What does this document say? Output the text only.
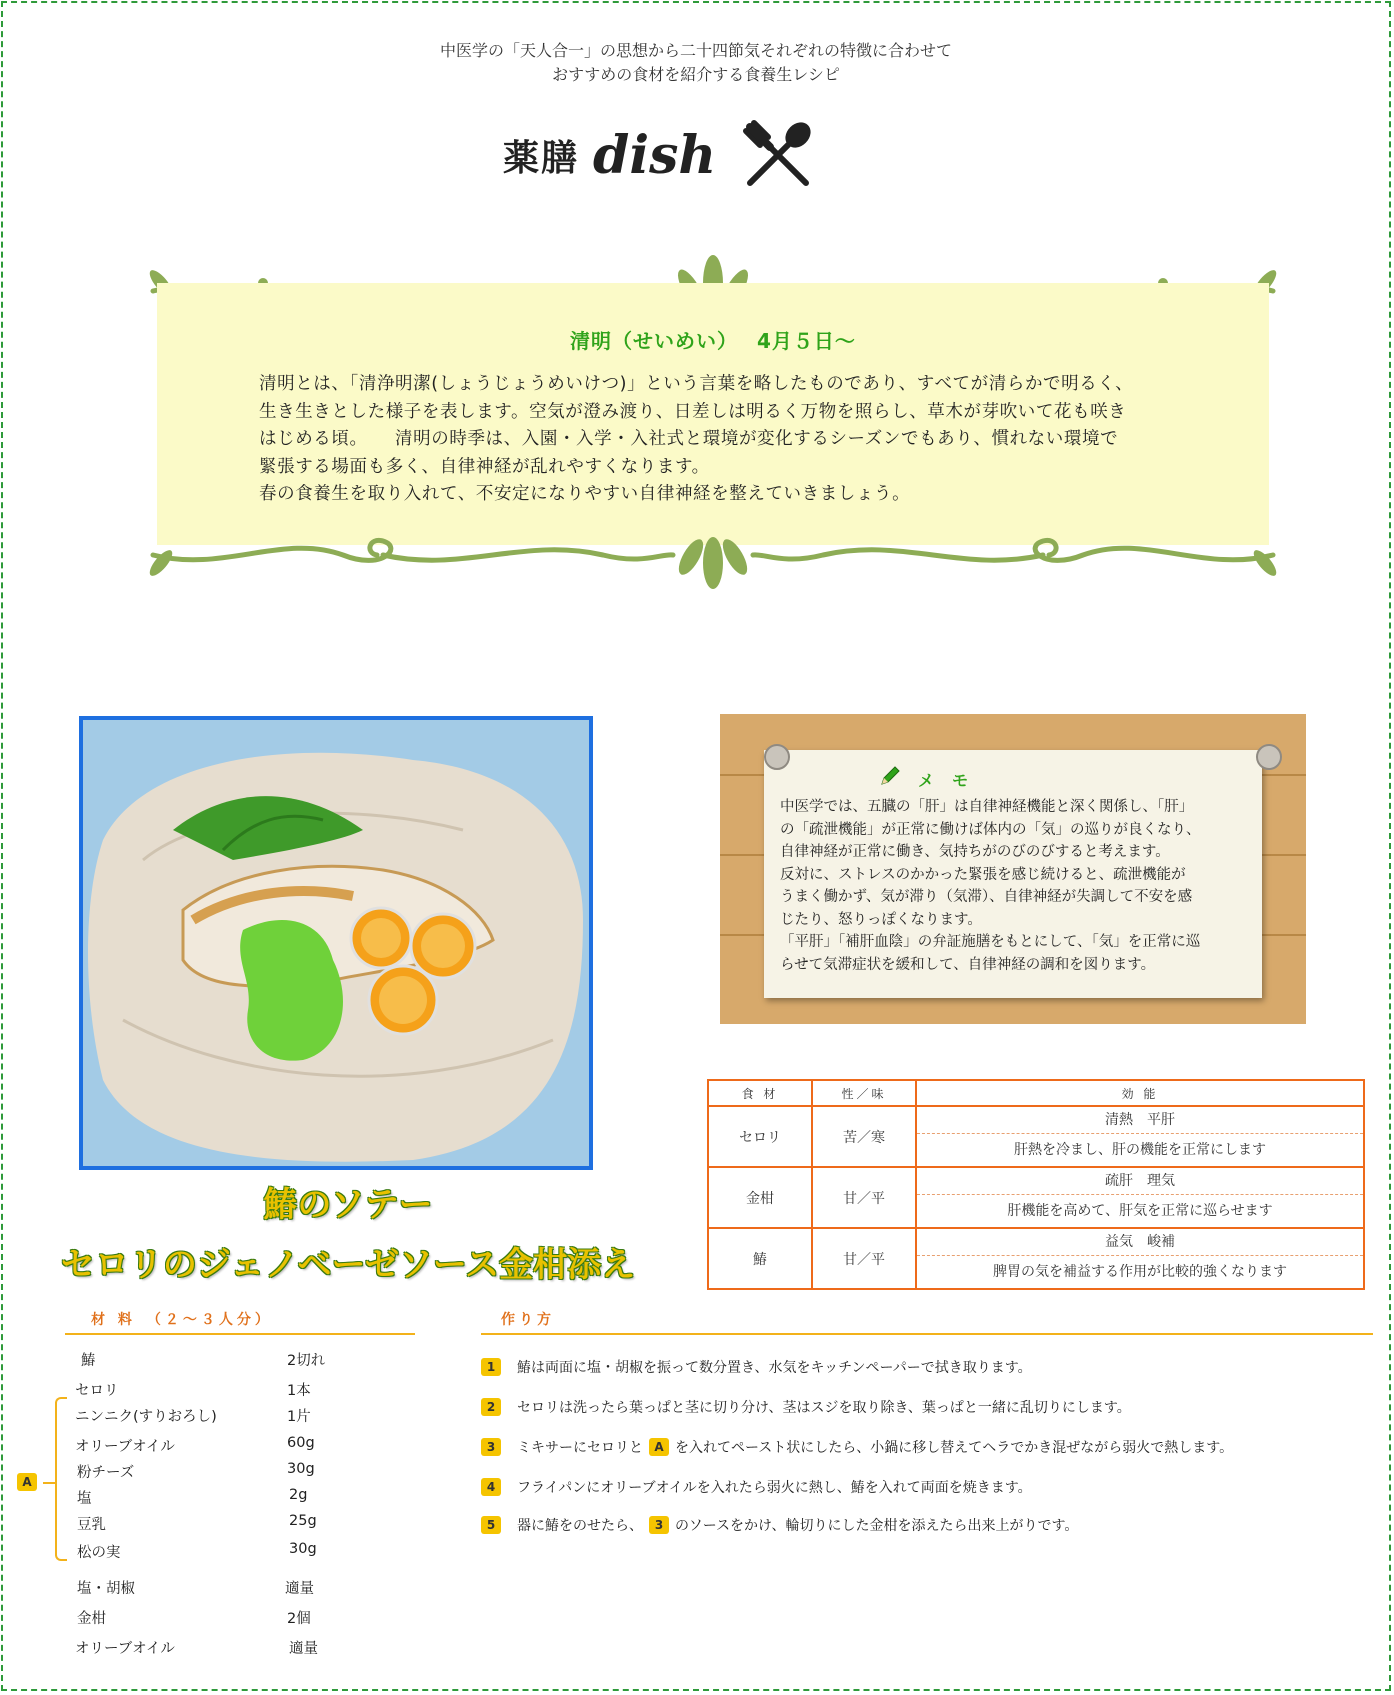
中医学の「天人合一」の思想から二十四節気それぞれの特徴に合わせて
おすすめの食材を紹介する食養生レシピ
薬膳 dish
清明（せいめい）　 4月５日～

清明とは、「清浄明潔(しょうじょうめいけつ)」という言葉を略したものであり、すべてが清らかで明るく、

生き生きとした様子を表します。空気が澄み渡り、日差しは明るく万物を照らし、草木が芽吹いて花も咲き

はじめる頃。　　清明の時季は、入園・入学・入社式と環境が変化するシーズンでもあり、慣れない環境で

緊張する場面も多く、自律神経が乱れやすくなります。

春の食養生を取り入れて、不安定になりやすい自律神経を整えていきましょう。

メモ

中医学では、五臓の「肝」は自律神経機能と深く関係し、「肝」

の「疏泄機能」が正常に働けば体内の「気」の巡りが良くなり、

自律神経が正常に働き、気持ちがのびのびすると考えます。

反対に、ストレスのかかった緊張を感じ続けると、疏泄機能が

うまく働かず、気が滞り（気滞）、自律神経が失調して不安を感

じたり、怒りっぽくなります。

「平肝」「補肝血陰」の弁証施膳をもとにして、「気」を正常に巡

らせて気滞症状を緩和して、自律神経の調和を図ります。

食 材	性／味	効 能
セロリ	苦／寒	清熱　平肝
肝熱を冷まし、肝の機能を正常にします

金柑	甘／平	疏肝　理気
肝機能を高めて、肝気を正常に巡らせます

鰆	甘／平	益気　峻補
脾胃の気を補益する作用が比較的強くなります
鰆のソテー
セロリのジェノベーゼソース金柑添え
材 料　（２～３人分）	作り方
鰆	2切れ
セロリ	1本
A
ニンニク(すりおろし)	1片
オリーブオイル	60g
粉チーズ	30g
塩	2g
豆乳	25g
松の実	30g
塩・胡椒	適量
金柑	2個
オリーブオイル	適量
1	鰆は両面に塩・胡椒を振って数分置き、水気をキッチンペーパーで拭き取ります。
2	セロリは洗ったら葉っぱと茎に切り分け、茎はスジを取り除き、葉っぱと一緒に乱切りにします。
3	ミキサーにセロリと A を入れてペースト状にしたら、小鍋に移し替えてヘラでかき混ぜながら弱火で熱します。
4	フライパンにオリーブオイルを入れたら弱火に熱し、鰆を入れて両面を焼きます。
5	器に鰆をのせたら、 3 のソースをかけ、輪切りにした金柑を添えたら出来上がりです。
